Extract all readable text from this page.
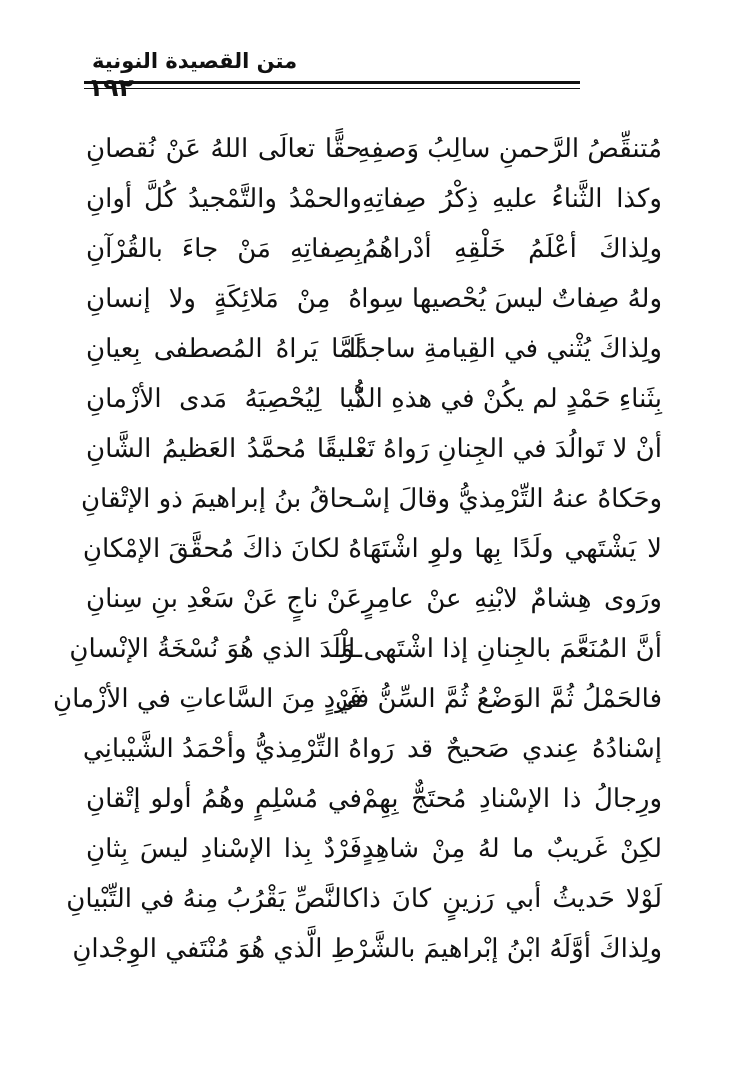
متن القصيدة النونية
١٩٢
مُتنقِّصُ الرَّحمنِ سالِبُ وَصفِهِ
حقًّا تعالَى اللهُ عَنْ نُقصانِ
وكذا الثَّناءُ عليهِ ذِكْرُ صِفاتِهِ
والحمْدُ والتَّمْجيدُ كُلَّ أوانِ
ولِذاكَ أعْلَمُ خَلْقِهِ أدْراهُمُ
بِصِفاتِهِ مَنْ جاءَ بالقُرْآنِ
ولهُ صِفاتٌ ليسَ يُحْصيها سِوا
هُ مِنْ مَلائِكَةٍ ولا إنسانِ
ولِذاكَ يُثْني في القِيامةِ ساجدًا
لَمَّا يَراهُ المُصطفى بِعيانِ
بِثَناءِ حَمْدٍ لم يكُنْ في هذهِ الدُّ
نْيا لِيُحْصِيَهُ مَدى الأزْمانِ
أنْ لا تَوالُدَ في الجِنانِ رَواهُ تَعْـ
ـليقًا مُحمَّدُ العَظيمُ الشَّانِ
وحَكاهُ عنهُ التِّرْمِذيُّ وقالَ إسْـ
ـحاقُ بنُ إبراهيمَ ذو الإتْقانِ
لا يَشْتَهي ولَدًا بِها ولوِ اشْتَهَا
هُ لكانَ ذاكَ مُحقَّقَ الإمْكانِ
ورَوى هِشامٌ لابْنِهِ عنْ عامِرٍ
عَنْ ناجٍ عَنْ سَعْدِ بنِ سِنانِ
أنَّ المُنَعَّمَ بالجِنانِ إذا اشْتَهى الْـ
ـوَلَدَ الذي هُوَ نُسْخَةُ الإنْسانِ
فالحَمْلُ ثُمَّ الوَضْعُ ثُمَّ السِّنُّ في
فَرْدٍ مِنَ السَّاعاتِ في الأزْمانِ
إسْنادُهُ عِندي صَحيحٌ قد رَوا
هُ التِّرْمِذيُّ وأحْمَدُ الشَّيْبانِي
ورِجالُ ذا الإسْنادِ مُحتَجٌّ بِهِمْ
في مُسْلِمٍ وهُمُ أولو إتْقانِ
لكِنْ غَريبٌ ما لهُ مِنْ شاهِدٍ
فَرْدٌ بِذا الإسْنادِ ليسَ بِثانِ
لَوْلا حَديثُ أبي رَزينٍ كانَ ذا
كالنَّصِّ يَقْرُبُ مِنهُ في التِّبْيانِ
ولِذاكَ أوَّلَهُ ابْنُ إبْراهيمَ بالشَّرْطِ الَّذي هُوَ مُنْتَفي الوِجْدانِ
